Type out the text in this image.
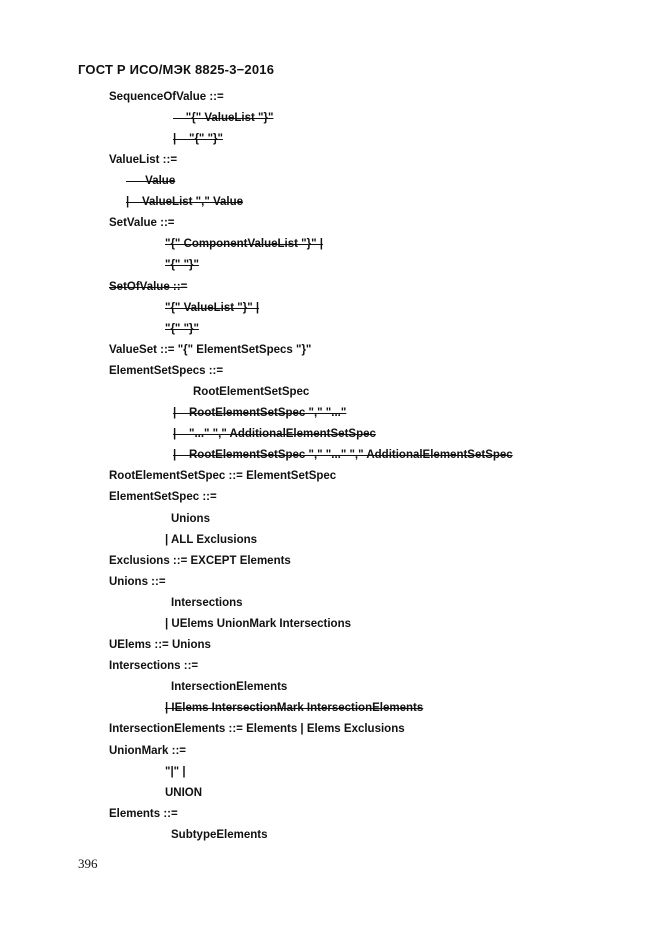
ГОСТ Р ИСО/МЭК 8825-3−2016
SequenceOfValue ::=
"{" ValueList "}"
|    "{" "}"
ValueList ::=
Value
|    ValueList "," Value
SetValue ::=
"{" ComponentValueList "}" |
"{" "}"
SetOfValue ::=
"{" ValueList "}" |
"{" "}"
ValueSet ::= "{" ElementSetSpecs "}"
ElementSetSpecs ::=
RootElementSetSpec
|    RootElementSetSpec "," "..."
|    "..." "," AdditionalElementSetSpec
|    RootElementSetSpec "," "..." "," AdditionalElementSetSpec
RootElementSetSpec ::= ElementSetSpec
ElementSetSpec ::=
Unions
| ALL Exclusions
Exclusions ::= EXCEPT Elements
Unions ::=
Intersections
| UElems UnionMark Intersections
UElems ::= Unions
Intersections ::=
IntersectionElements
| IElems IntersectionMark IntersectionElements
IntersectionElements ::= Elements | Elems Exclusions
UnionMark ::=
"|" |
UNION
Elements ::=
SubtypeElements
396
